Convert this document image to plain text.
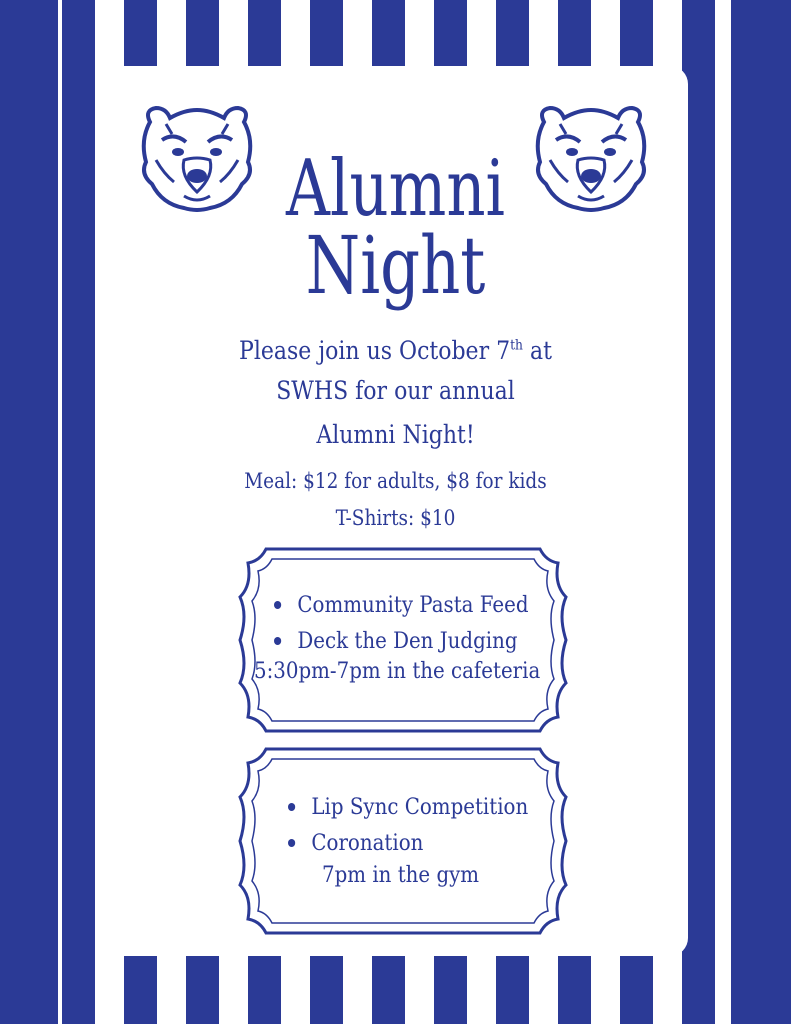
Alumni
Night
Please join us October 7th at
SWHS for our annual
Alumni Night!
Meal: $12 for adults, $8 for kids
T-Shirts: $10
Community Pasta Feed
Deck the Den Judging
5:30pm-7pm in the cafeteria
Lip Sync Competition
Coronation
7pm in the gym
